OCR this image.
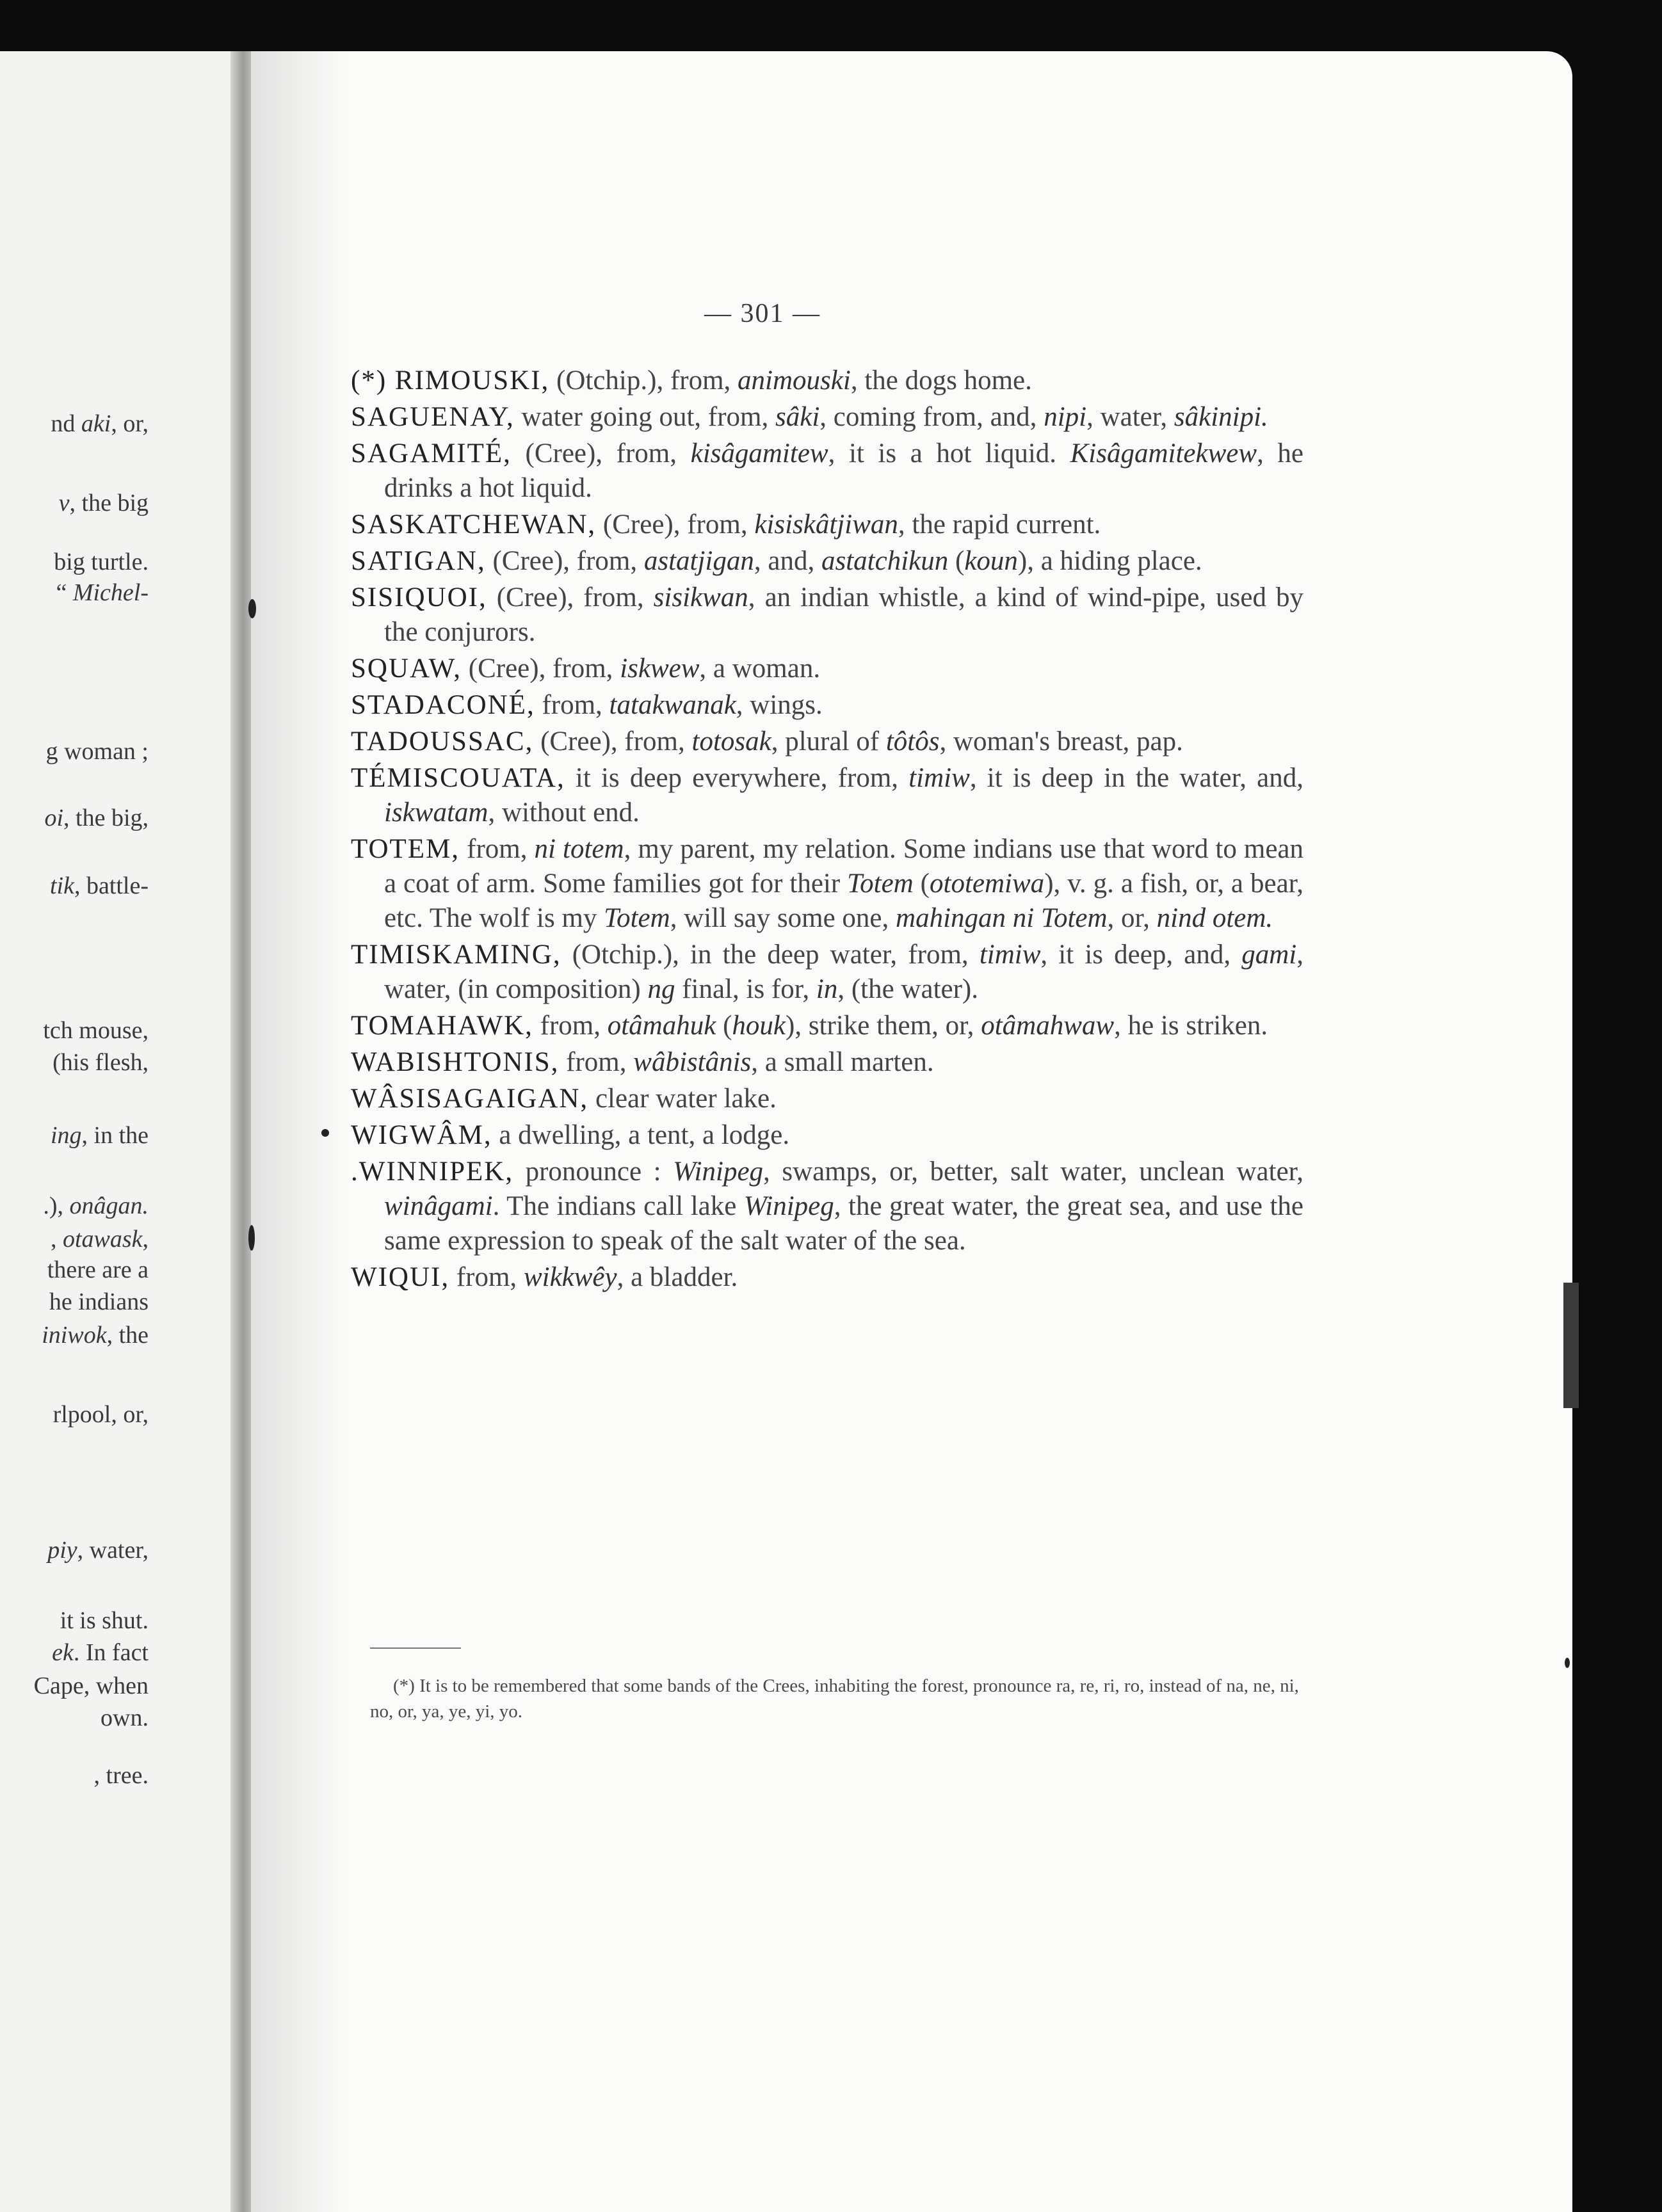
nd aki, or,
v, the big
big turtle.
“ Michel-
g woman ;
oi, the big,
tik, battle-
tch mouse,
(his flesh,
ing, in the
.), onâgan.
, otawask,
there are a
he indians
iniwok, the
rlpool, or,
piy, water,
it is shut.
ek. In fact
Cape, when
own.
, tree.
— 301 —
(*) RIMOUSKI, (Otchip.), from, animouski, the dogs home.
SAGUENAY, water going out, from, sâki, coming from, and, nipi, water, sâkinipi.
SAGAMITÉ, (Cree), from, kisâgamitew, it is a hot liquid. Kisâgamitekwew, he drinks a hot liquid.
SASKATCHEWAN, (Cree), from, kisiskâtjiwan, the rapid current.
SATIGAN, (Cree), from, astatjigan, and, astatchikun (koun), a hiding place.
SISIQUOI, (Cree), from, sisikwan, an indian whistle, a kind of wind-pipe, used by the conjurors.
SQUAW, (Cree), from, iskwew, a woman.
STADACONÉ, from, tatakwanak, wings.
TADOUSSAC, (Cree), from, totosak, plural of tôtôs, woman's breast, pap.
TÉMISCOUATA, it is deep everywhere, from, timiw, it is deep in the water, and, iskwatam, without end.
TOTEM, from, ni totem, my parent, my relation. Some indians use that word to mean a coat of arm. Some families got for their Totem (ototemiwa), v. g. a fish, or, a bear, etc. The wolf is my Totem, will say some one, mahingan ni Totem, or, nind otem.
TIMISKAMING, (Otchip.), in the deep water, from, timiw, it is deep, and, gami, water, (in composition) ng final, is for, in, (the water).
TOMAHAWK, from, otâmahuk (houk), strike them, or, otâmahwaw, he is striken.
WABISHTONIS, from, wâbistânis, a small marten.
WÂSISAGAIGAN, clear water lake.
WIGWÂM, a dwelling, a tent, a lodge.
.WINNIPEK, pronounce : Winipeg, swamps, or, better, salt water, unclean water, winâgami. The indians call lake Winipeg, the great water, the great sea, and use the same expression to speak of the salt water of the sea.
WIQUI, from, wikkwêy, a bladder.
(*) It is to be remembered that some bands of the Crees, inhabiting the forest, pronounce ra, re, ri, ro, instead of na, ne, ni, no, or, ya, ye, yi, yo.
